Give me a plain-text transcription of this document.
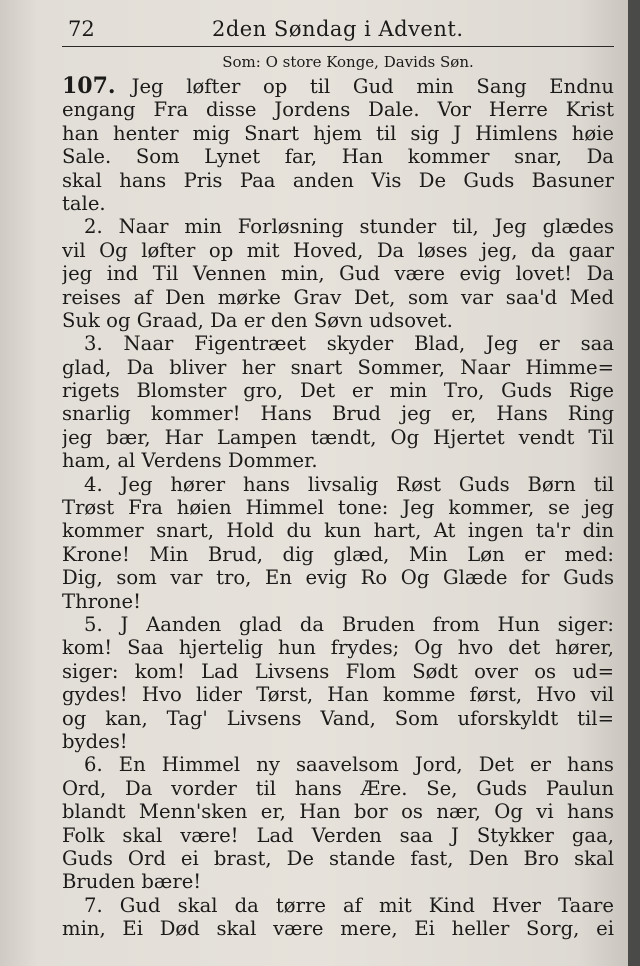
72	2den Søndag i Advent.
Som: O store Konge, Davids Søn.
107. Jeg løfter op til Gud min Sang Endnu
engang Fra disse Jordens Dale. Vor Herre Krist
han henter mig Snart hjem til sig J Himlens høie
Sale. Som Lynet far, Han kommer snar, Da
skal hans Pris Paa anden Vis De Guds Basuner
tale.
2. Naar min Forløsning stunder til, Jeg glædes
vil Og løfter op mit Hoved, Da løses jeg, da gaar
jeg ind Til Vennen min, Gud være evig lovet! Da
reises af Den mørke Grav Det, som var saa'd Med
Suk og Graad, Da er den Søvn udsovet.
3. Naar Figentræet skyder Blad, Jeg er saa
glad, Da bliver her snart Sommer, Naar Himme=
rigets Blomster gro, Det er min Tro, Guds Rige
snarlig kommer! Hans Brud jeg er, Hans Ring
jeg bær, Har Lampen tændt, Og Hjertet vendt Til
ham, al Verdens Dommer.
4. Jeg hører hans livsalig Røst Guds Børn til
Trøst Fra høien Himmel tone: Jeg kommer, se jeg
kommer snart, Hold du kun hart, At ingen ta'r din
Krone! Min Brud, dig glæd, Min Løn er med:
Dig, som var tro, En evig Ro Og Glæde for Guds
Throne!
5. J Aanden glad da Bruden from Hun siger:
kom! Saa hjertelig hun frydes; Og hvo det hører,
siger: kom! Lad Livsens Flom Sødt over os ud=
gydes! Hvo lider Tørst, Han komme først, Hvo vil
og kan, Tag' Livsens Vand, Som uforskyldt til=
bydes!
6. En Himmel ny saavelsom Jord, Det er hans
Ord, Da vorder til hans Ære. Se, Guds Paulun
blandt Menn'sken er, Han bor os nær, Og vi hans
Folk skal være! Lad Verden saa J Stykker gaa,
Guds Ord ei brast, De stande fast, Den Bro skal
Bruden bære!
7. Gud skal da tørre af mit Kind Hver Taare
min, Ei Død skal være mere, Ei heller Sorg, ei
